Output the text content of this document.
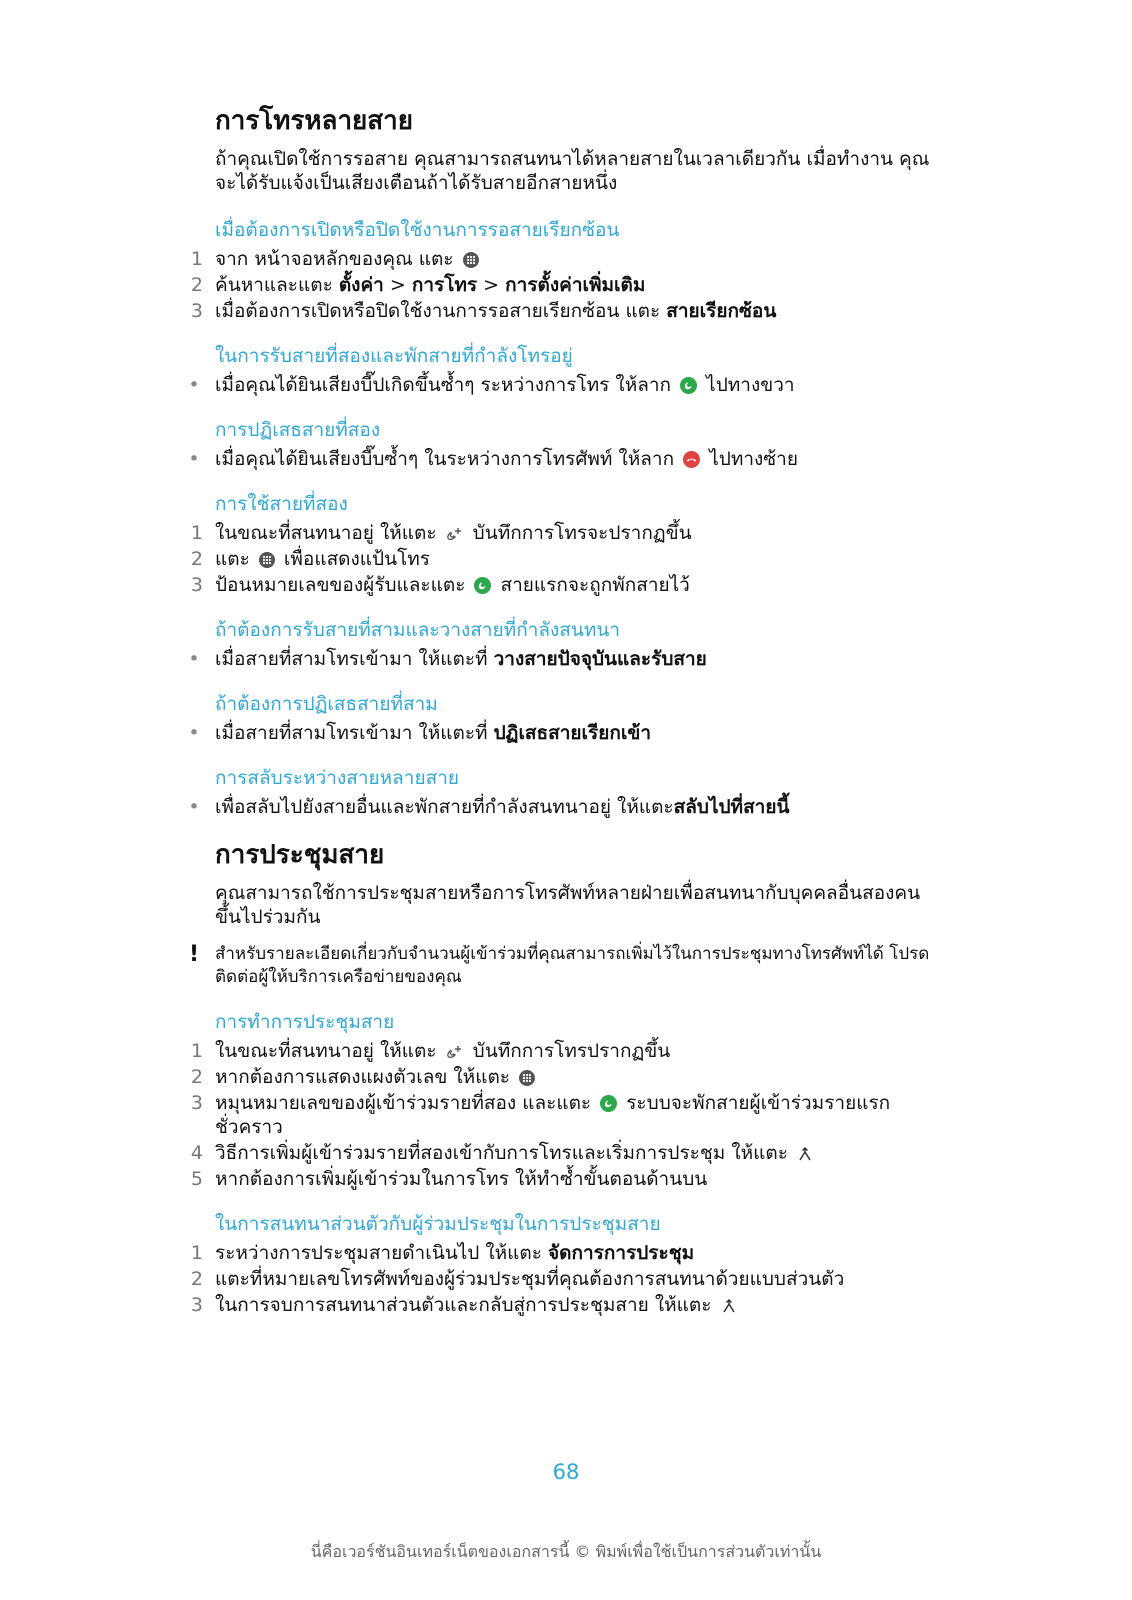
การโทรหลายสาย

ถ้าคุณเปิดใช้การรอสาย คุณสามารถสนทนาได้หลายสายในเวลาเดียวกัน เมื่อทำงาน คุณจะได้รับแจ้งเป็นเสียงเตือนถ้าได้รับสายอีกสายหนึ่ง

เมื่อต้องการเปิดหรือปิดใช้งานการรอสายเรียกซ้อน
1 จาก หน้าจอหลักของคุณ แตะ
2 ค้นหาและแตะ ตั้งค่า > การโทร > การตั้งค่าเพิ่มเติม
3 เมื่อต้องการเปิดหรือปิดใช้งานการรอสายเรียกซ้อน แตะ สายเรียกซ้อน
ในการรับสายที่สองและพักสายที่กำลังโทรอยู่
• เมื่อคุณได้ยินเสียงบี๊ปเกิดขึ้นซ้ำๆ ระหว่างการโทร ให้ลาก ไปทางขวา
การปฏิเสธสายที่สอง
• เมื่อคุณได้ยินเสียงบี๊บซ้ำๆ ในระหว่างการโทรศัพท์ ให้ลาก ไปทางซ้าย
การใช้สายที่สอง
1 ในขณะที่สนทนาอยู่ ให้แตะ บันทึกการโทรจะปรากฏขึ้น
2 แตะ เพื่อแสดงแป้นโทร
3 ป้อนหมายเลขของผู้รับและแตะ สายแรกจะถูกพักสายไว้
ถ้าต้องการรับสายที่สามและวางสายที่กำลังสนทนา
• เมื่อสายที่สามโทรเข้ามา ให้แตะที่ วางสายปัจจุบันและรับสาย
ถ้าต้องการปฏิเสธสายที่สาม
• เมื่อสายที่สามโทรเข้ามา ให้แตะที่ ปฏิเสธสายเรียกเข้า
การสลับระหว่างสายหลายสาย
• เพื่อสลับไปยังสายอื่นและพักสายที่กำลังสนทนาอยู่ ให้แตะสลับไปที่สายนี้
การประชุมสาย

คุณสามารถใช้การประชุมสายหรือการโทรศัพท์หลายฝ่ายเพื่อสนทนากับบุคคลอื่นสองคนขึ้นไปร่วมกัน

! สำหรับรายละเอียดเกี่ยวกับจำนวนผู้เข้าร่วมที่คุณสามารถเพิ่มไว้ในการประชุมทางโทรศัพท์ได้ โปรดติดต่อผู้ให้บริการเครือข่ายของคุณ
การทำการประชุมสาย
1 ในขณะที่สนทนาอยู่ ให้แตะ บันทึกการโทรปรากฏขึ้น
2 หากต้องการแสดงแผงตัวเลข ให้แตะ
3 หมุนหมายเลขของผู้เข้าร่วมรายที่สอง และแตะ ระบบจะพักสายผู้เข้าร่วมรายแรกชั่วคราว
4 วิธีการเพิ่มผู้เข้าร่วมรายที่สองเข้ากับการโทรและเริ่มการประชุม ให้แตะ
5 หากต้องการเพิ่มผู้เข้าร่วมในการโทร ให้ทำซ้ำขั้นตอนด้านบน
ในการสนทนาส่วนตัวกับผู้ร่วมประชุมในการประชุมสาย
1 ระหว่างการประชุมสายดำเนินไป ให้แตะ จัดการการประชุม
2 แตะที่หมายเลขโทรศัพท์ของผู้ร่วมประชุมที่คุณต้องการสนทนาด้วยแบบส่วนตัว
3 ในการจบการสนทนาส่วนตัวและกลับสู่การประชุมสาย ให้แตะ
68
นี่คือเวอร์ชันอินเทอร์เน็ตของเอกสารนี้ © พิมพ์เพื่อใช้เป็นการส่วนตัวเท่านั้น
